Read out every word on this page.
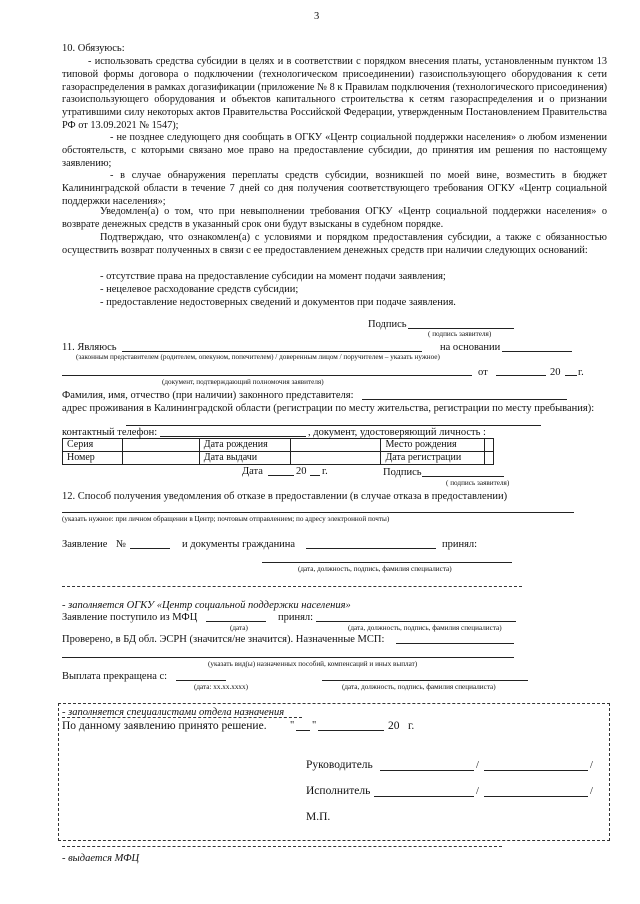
3
10. Обязуюсь:
- использовать средства субсидии в целях и в соответствии с порядком внесения платы, установленным пунктом 13 типовой формы договора о подключении (технологическом присоединении) газоиспользующего оборудования к сети газораспределения в рамках догазификации (приложение № 8 к Правилам подключения (технологического присоединения) газоиспользующего оборудования и объектов капитального строительства к сетям газораспределения и о признании утратившими силу некоторых актов Правительства Российской Федерации, утвержденным Постановлением Правительства РФ от 13.09.2021 № 1547);
- не позднее следующего дня сообщать в ОГКУ «Центр социальной поддержки населения» о любом изменении обстоятельств, с которыми связано мое право на предоставление субсидии, до принятия им решения по настоящему заявлению;
- в случае обнаружения переплаты средств субсидии, возникшей по моей вине, возместить в бюджет Калининградской области в течение 7 дней со дня получения соответствующего требования ОГКУ «Центр социальной поддержки населения»;
Уведомлен(а) о том, что при невыполнении требования ОГКУ «Центр социальной поддержки населения» о возврате денежных средств в указанный срок они будут взысканы в судебном порядке.
Подтверждаю, что ознакомлен(а) с условиями и порядком предоставления субсидии, а также с обязанностью осуществить возврат полученных в связи с ее предоставлением денежных средств при наличии следующих оснований:
- отсутствие права на предоставление субсидии на момент подачи заявления;
- нецелевое расходование средств субсидии;
- предоставление недостоверных сведений и документов при подаче заявления.
Подпись
( подпись заявителя)
11. Являюсь	на основании
(законным представителем (родителем, опекуном, попечителем) / доверенным лицом / поручителем – указать нужное)
от	20 г.
(документ, подтверждающий полномочия заявителя)
Фамилия, имя, отчество (при наличии) законного представителя:
адрес проживания в Калининградской области (регистрации по месту жительства, регистрации по месту пребывания):
контактный телефон:	, документ, удостоверяющий личность :
Серия		Дата рождения		Место рождения	
Номер		Дата выдачи		Дата регистрации	
Дата	20 г.	Подпись
( подпись заявителя)
12. Способ получения уведомления об отказе в предоставлении (в случае отказа в предоставлении)
(указать нужное: при личном обращении в Центр; почтовым отправлением; по адресу электронной почты)
Заявление №	и документы гражданина	принял:
(дата, должность, подпись, фамилия специалиста)
- заполняется ОГКУ «Центр социальной поддержки населения»
Заявление поступило из МФЦ	принял:
(дата)	(дата, должность, подпись, фамилия специалиста)
Проверено, в БД обл. ЭСРН (значится/не значится). Назначенные МСП:
(указать вид(ы) назначенных пособий, компенсаций и иных выплат)
Выплата прекращена с:
(дата: хх.хх.хххх)	(дата, должность, подпись, фамилия специалиста)
- заполняется специалистами отдела назначения
По данному заявлению принято решение. " "	20 г.
Руководитель	/	/
Исполнитель	/	/
М.П.
- выдается МФЦ
